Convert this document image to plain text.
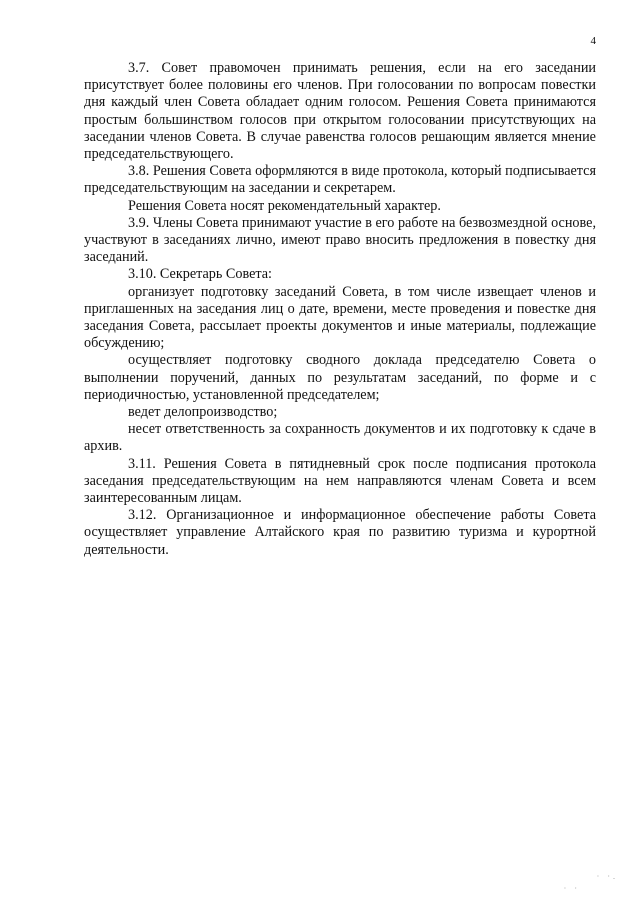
4

3.7. Совет правомочен принимать решения, если на его заседании присутствует более половины его членов. При голосовании по вопросам повестки дня каждый член Совета обладает одним голосом. Решения Совета принимаются простым большинством голосов при открытом голосовании присутствующих на заседании членов Совета. В случае равенства голосов решающим является мнение председательствующего.

3.8. Решения Совета оформляются в виде протокола, который подписывается председательствующим на заседании и секретарем.

Решения Совета носят рекомендательный характер.

3.9. Члены Совета принимают участие в его работе на безвозмездной основе, участвуют в заседаниях лично, имеют право вносить предложения в повестку дня заседаний.

3.10. Секретарь Совета:

организует подготовку заседаний Совета, в том числе извещает членов и приглашенных на заседания лиц о дате, времени, месте проведения и повестке дня заседания Совета, рассылает проекты документов и иные материалы, подлежащие обсуждению;

осуществляет подготовку сводного доклада председателю Совета о выполнении поручений, данных по результатам заседаний, по форме и с периодичностью, установленной председателем;

ведет делопроизводство;

несет ответственность за сохранность документов и их подготовку к сдаче в архив.

3.11. Решения Совета в пятидневный срок после подписания протокола заседания председательствующим на нем направляются членам Совета и всем заинтересованным лицам.

3.12. Организационное и информационное обеспечение работы Совета осуществляет управление Алтайского края по развитию туризма и курортной деятельности.

· ·
· ·.
